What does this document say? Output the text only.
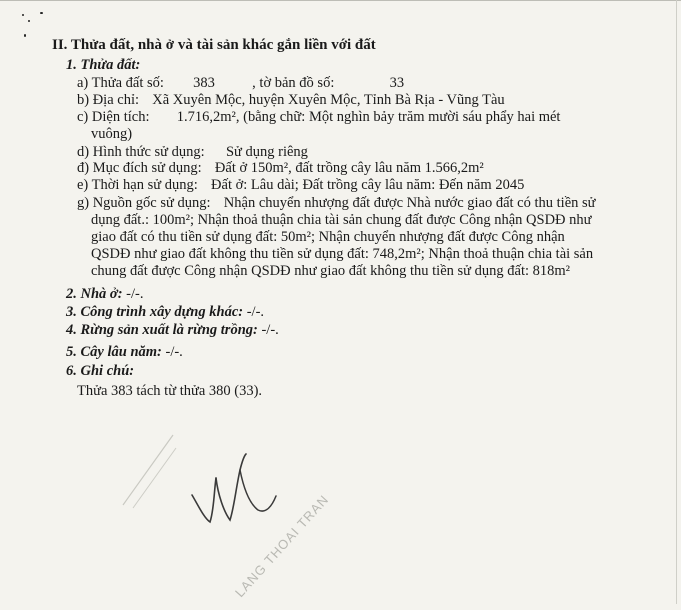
II. Thửa đất, nhà ở và tài sản khác gắn liền với đất
1. Thửa đất:
a) Thửa đất số: 383	, tờ bản đồ số:	33
b) Địa chỉ: Xã Xuyên Mộc, huyện Xuyên Mộc, Tỉnh Bà Rịa - Vũng Tàu
c) Diện tích: 1.716,2m², (bằng chữ: Một nghìn bảy trăm mười sáu phẩy hai mét
vuông)
d) Hình thức sử dụng: Sử dụng riêng
đ) Mục đích sử dụng: Đất ở 150m², đất trồng cây lâu năm 1.566,2m²
e) Thời hạn sử dụng: Đất ở: Lâu dài; Đất trồng cây lâu năm: Đến năm 2045
g) Nguồn gốc sử dụng: Nhận chuyển nhượng đất được Nhà nước giao đất có thu tiền sử
dụng đất.: 100m²; Nhận thoả thuận chia tài sản chung đất được Công nhận QSDĐ như
giao đất có thu tiền sử dụng đất: 50m²; Nhận chuyển nhượng đất được Công nhận
QSDĐ như giao đất không thu tiền sử dụng đất: 748,2m²; Nhận thoả thuận chia tài sản
chung đất được Công nhận QSDĐ như giao đất không thu tiền sử dụng đất: 818m²
2. Nhà ở: -/-.
3. Công trình xây dựng khác: -/-.
4. Rừng sản xuất là rừng trồng: -/-.
5. Cây lâu năm: -/-.
6. Ghi chú:
Thửa 383 tách từ thửa 380 (33).
LANG THOAI TRAN
